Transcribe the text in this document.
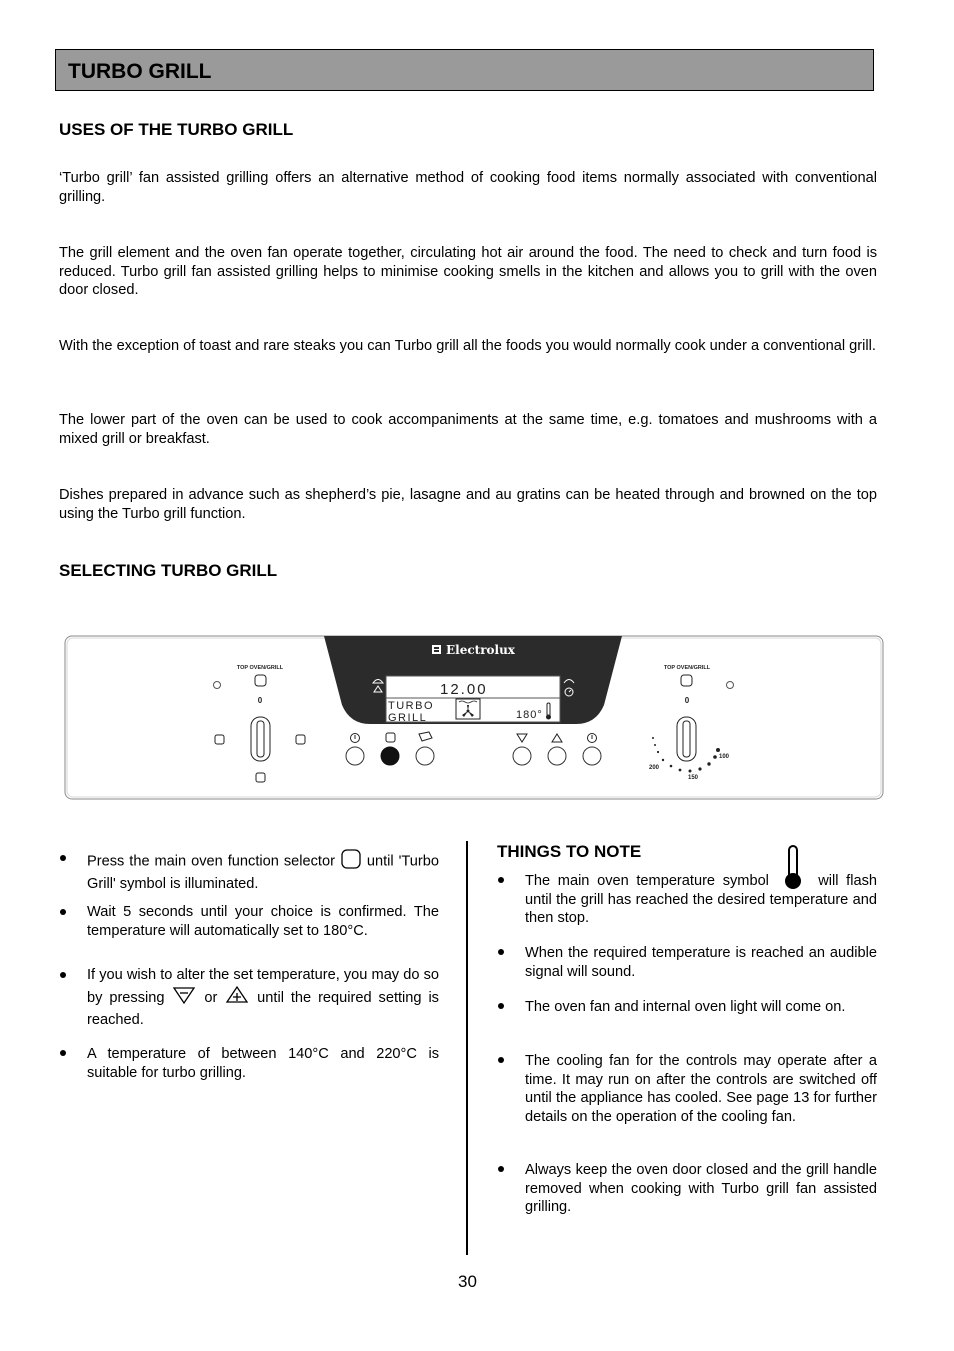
TURBO GRILL
USES OF THE TURBO GRILL
‘Turbo grill’ fan assisted grilling offers an alternative method of cooking food items normally associated with conventional grilling.
The grill element and the oven fan operate together, circulating hot air around the food. The need to check and turn food is reduced. Turbo grill fan assisted grilling helps to minimise cooking smells in the kitchen and allows you to grill with the oven door closed.
With the exception of toast and rare steaks you can Turbo grill all the foods you would normally cook under a conventional grill.
The lower part of the oven can be used to cook accompaniments at the same time, e.g. tomatoes and mushrooms with a mixed grill or breakfast.
Dishes prepared in advance such as shepherd’s pie, lasagne and au gratins can be heated through and browned on the top using the Turbo grill function.
SELECTING TURBO GRILL
Electrolux
12.00
TURBO
GRILL	180°
TOP OVEN/GRILL
0
TOP OVEN/GRILL
0
100
150
200
Press the main oven function selector until 'Turbo Grill' symbol is illuminated.
Wait 5 seconds until your choice is confirmed. The temperature will automatically set to 180°C.
If you wish to alter the set temperature, you may do so by pressing	or	until the required setting is reached.
A temperature of between 140°C and 220°C is suitable for turbo grilling.
THINGS TO NOTE
The main oven temperature symbol	will flash until the grill has reached the desired temperature and then stop.
When the required temperature is reached an audible signal will sound.
The oven fan and internal oven light will come on.
The cooling fan for the controls may operate after a time. It may run on after the controls are switched off until the appliance has cooled. See page 13 for further details on the operation of the cooling fan.
Always keep the oven door closed and the grill handle removed when cooking with Turbo grill fan assisted grilling.
30
